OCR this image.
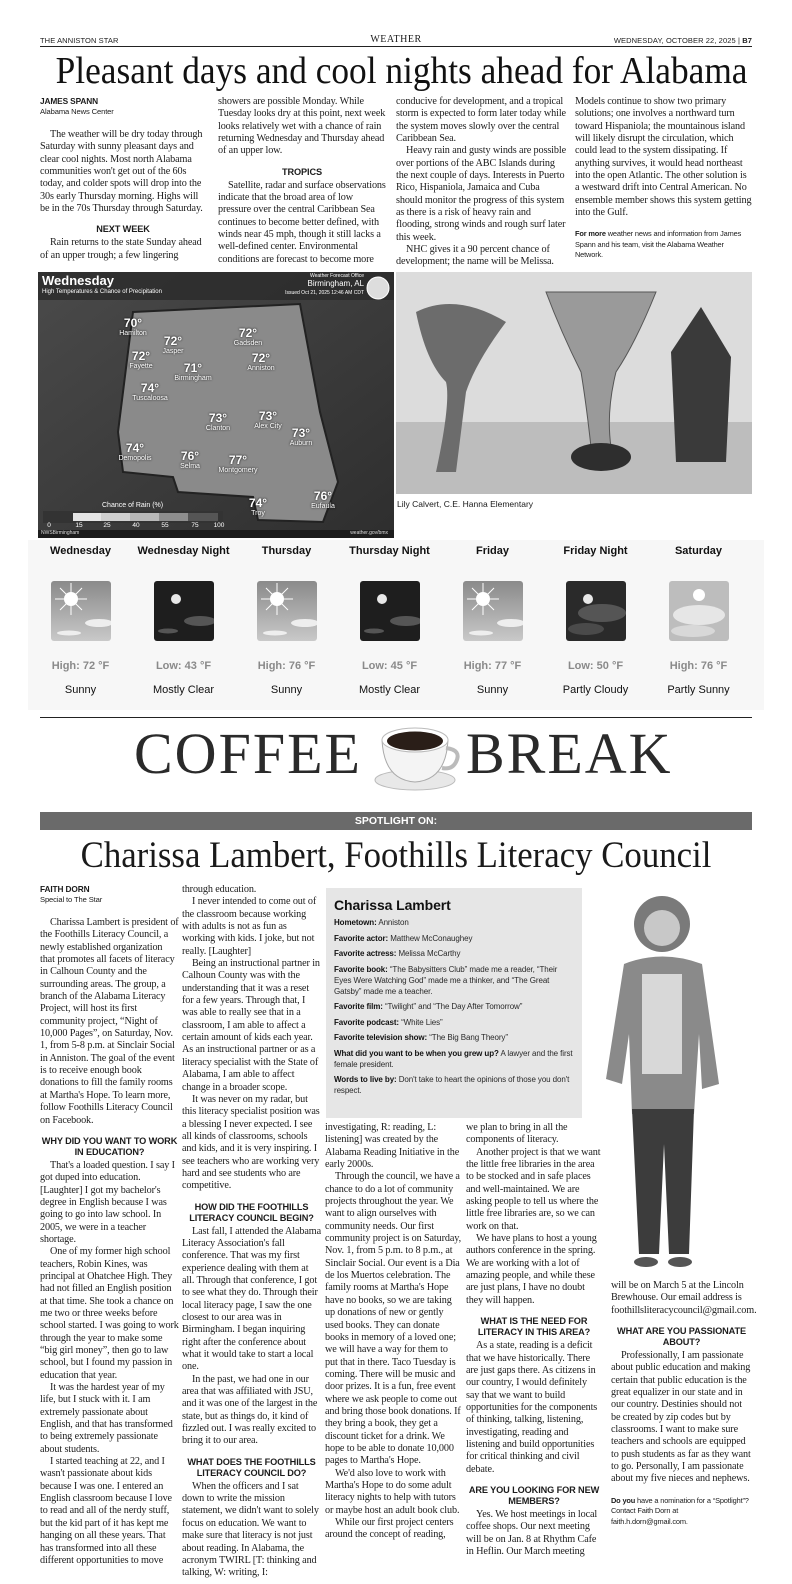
THE ANNISTON STAR	WEATHER	WEDNESDAY, OCTOBER 22, 2025 | B7
Pleasant days and cool nights ahead for Alabama
JAMES SPANN
Alabama News Center
The weather will be dry today through Saturday with sunny pleasant days and clear cool nights. Most north Alabama communities won't get out of the 60s today, and colder spots will drop into the 30s early Thursday morning. Highs will be in the 70s Thursday through Saturday.
NEXT WEEK
Rain returns to the state Sunday ahead of an upper trough; a few lingering
showers are possible Monday. While Tuesday looks dry at this point, next week looks relatively wet with a chance of rain returning Wednesday and Thursday ahead of an upper low.
TROPICS
Satellite, radar and surface observations indicate that the broad area of low pressure over the central Caribbean Sea continues to become better defined, with winds near 45 mph, though it still lacks a well-defined center. Environmental conditions are forecast to become more
conducive for development, and a tropical storm is expected to form later today while the system moves slowly over the central Caribbean Sea.
Heavy rain and gusty winds are possible over portions of the ABC Islands during the next couple of days. Interests in Puerto Rico, Hispaniola, Jamaica and Cuba should monitor the progress of this system as there is a risk of heavy rain and flooding, strong winds and rough surf later this week.
NHC gives it a 90 percent chance of development; the name will be Melissa.
Models continue to show two primary solutions; one involves a northward turn toward Hispaniola; the mountainous island will likely disrupt the circulation, which could lead to the system dissipating. If anything survives, it would head northeast into the open Atlantic. The other solution is a westward drift into Central American. No ensemble member shows this system getting into the Gulf.
For more weather news and information from James Spann and his team, visit the Alabama Weather Network.
Wednesday
High Temperatures & Chance of Precipitation
Weather Forecast Office
Birmingham, AL
Issued Oct 21, 2025 12:46 AM CDT
70°
Hamilton
72°
Jasper
72°
Fayette
72°
Gadsden
72°
Anniston
71°
Birmingham
74°
Tuscaloosa
73°
Clanton
73°
Alex City 73°
Auburn
74°
Demopolis	76°
Selma	77°
Montgomery
74°
Troy
76°
Eufaula
Chance of Rain (%)
0	15	25	40	55	75	100
NWSBirmingham	weather.gov/bmx
Lily Calvert, C.E. Hanna Elementary
Wednesday
High: 72 °F
Sunny
Wednesday Night
Low: 43 °F
Mostly Clear
Thursday
High: 76 °F
Sunny
Thursday Night
Low: 45 °F
Mostly Clear
Friday
High: 77 °F
Sunny
Friday Night
Low: 50 °F
Partly Cloudy
Saturday
High: 76 °F
Partly Sunny
COFFEE BREAK
SPOTLIGHT ON:
Charissa Lambert, Foothills Literacy Council
FAITH DORN
Special to The Star
Charissa Lambert is president of the Foothills Literacy Council, a newly established organization that promotes all facets of literacy in Calhoun County and the surrounding areas. The group, a branch of the Alabama Literacy Project, will host its first community project, “Night of 10,000 Pages”, on Saturday, Nov. 1, from 5-8 p.m. at Sinclair Social in Anniston. The goal of the event is to receive enough book donations to fill the family rooms at Martha's Hope. To learn more, follow Foothills Literacy Council on Facebook.
WHY DID YOU WANT TO WORK IN EDUCATION?
That's a loaded question. I say I got duped into education. [Laughter] I got my bachelor's degree in English because I was going to go into law school. In 2005, we were in a teacher shortage.
One of my former high school teachers, Robin Kines, was principal at Ohatchee High. They had not filled an English position at that time. She took a chance on me two or three weeks before school started. I was going to work through the year to make some “big girl money”, then go to law school, but I found my passion in education that year.
It was the hardest year of my life, but I stuck with it. I am extremely passionate about English, and that has transformed to being extremely passionate about students.
I started teaching at 22, and I wasn't passionate about kids because I was one. I entered an English classroom because I love to read and all of the nerdy stuff, but the kid part of it has kept me hanging on all these years. That has transformed into all these different opportunities to move
through education.
I never intended to come out of the classroom because working with adults is not as fun as working with kids. I joke, but not really. [Laughter]
Being an instructional partner in Calhoun County was with the understanding that it was a reset for a few years. Through that, I was able to really see that in a classroom, I am able to affect a certain amount of kids each year. As an instructional partner or as a literacy specialist with the State of Alabama, I am able to affect change in a broader scope.
It was never on my radar, but this literacy specialist position was a blessing I never expected. I see all kinds of classrooms, schools and kids, and it is very inspiring. I see teachers who are working very hard and see students who are competitive.
HOW DID THE FOOTHILLS LITERACY COUNCIL BEGIN?
Last fall, I attended the Alabama Literacy Association's fall conference. That was my first experience dealing with them at all. Through that conference, I got to see what they do. Through their local literacy page, I saw the one closest to our area was in Birmingham. I began inquiring right after the conference about what it would take to start a local one.
In the past, we had one in our area that was affiliated with JSU, and it was one of the largest in the state, but as things do, it kind of fizzled out. I was really excited to bring it to our area.
WHAT DOES THE FOOTHILLS LITERACY COUNCIL DO?
When the officers and I sat down to write the mission statement, we didn't want to solely focus on education. We want to make sure that literacy is not just about reading. In Alabama, the acronym TWIRL [T: thinking and talking, W: writing, I:
Charissa Lambert
Hometown: Anniston
Favorite actor: Matthew McConaughey
Favorite actress: Melissa McCarthy
Favorite book: “The Babysitters Club” made me a reader, “Their Eyes Were Watching God” made me a thinker, and “The Great Gatsby” made me a teacher.
Favorite film: “Twilight” and “The Day After Tomorrow”
Favorite podcast: “White Lies”
Favorite television show: “The Big Bang Theory”
What did you want to be when you grew up? A lawyer and the first female president.
Words to live by: Don't take to heart the opinions of those you don't respect.
investigating, R: reading, L: listening] was created by the Alabama Reading Initiative in the early 2000s.
Through the council, we have a chance to do a lot of community projects throughout the year. We want to align ourselves with community needs. Our first community project is on Saturday, Nov. 1, from 5 p.m. to 8 p.m., at Sinclair Social. Our event is a Dia de los Muertos celebration. The family rooms at Martha's Hope have no books, so we are taking up donations of new or gently used books. They can donate books in memory of a loved one; we will have a way for them to put that in there. Taco Tuesday is coming. There will be music and door prizes. It is a fun, free event where we ask people to come out and bring those book donations. If they bring a book, they get a discount ticket for a drink. We hope to be able to donate 10,000 pages to Martha's Hope.
We'd also love to work with Martha's Hope to do some adult literacy nights to help with tutors or maybe host an adult book club.
While our first project centers around the concept of reading,
we plan to bring in all the components of literacy.
Another project is that we want the little free libraries in the area to be stocked and in safe places and well-maintained. We are asking people to tell us where the little free libraries are, so we can work on that.
We have plans to host a young authors conference in the spring. We are working with a lot of amazing people, and while these are just plans, I have no doubt they will happen.
WHAT IS THE NEED FOR LITERACY IN THIS AREA?
As a state, reading is a deficit that we have historically. There are just gaps there. As citizens in our country, I would definitely say that we want to build opportunities for the components of thinking, talking, listening, investigating, reading and listening and build opportunities for critical thinking and civil debate.
ARE YOU LOOKING FOR NEW MEMBERS?
Yes. We host meetings in local coffee shops. Our next meeting will be on Jan. 8 at Rhythm Cafe in Heflin. Our March meeting
will be on March 5 at the Lincoln Brewhouse. Our email address is foothillsliteracycouncil@gmail.com.
WHAT ARE YOU PASSIONATE ABOUT?
Professionally, I am passionate about public education and making certain that public education is the great equalizer in our state and in our country. Destinies should not be created by zip codes but by classrooms. I want to make sure teachers and schools are equipped to push students as far as they want to go. Personally, I am passionate about my five nieces and nephews.
Do you have a nomination for a “Spotlight”? Contact Faith Dorn at faith.h.dorn@gmail.com.
